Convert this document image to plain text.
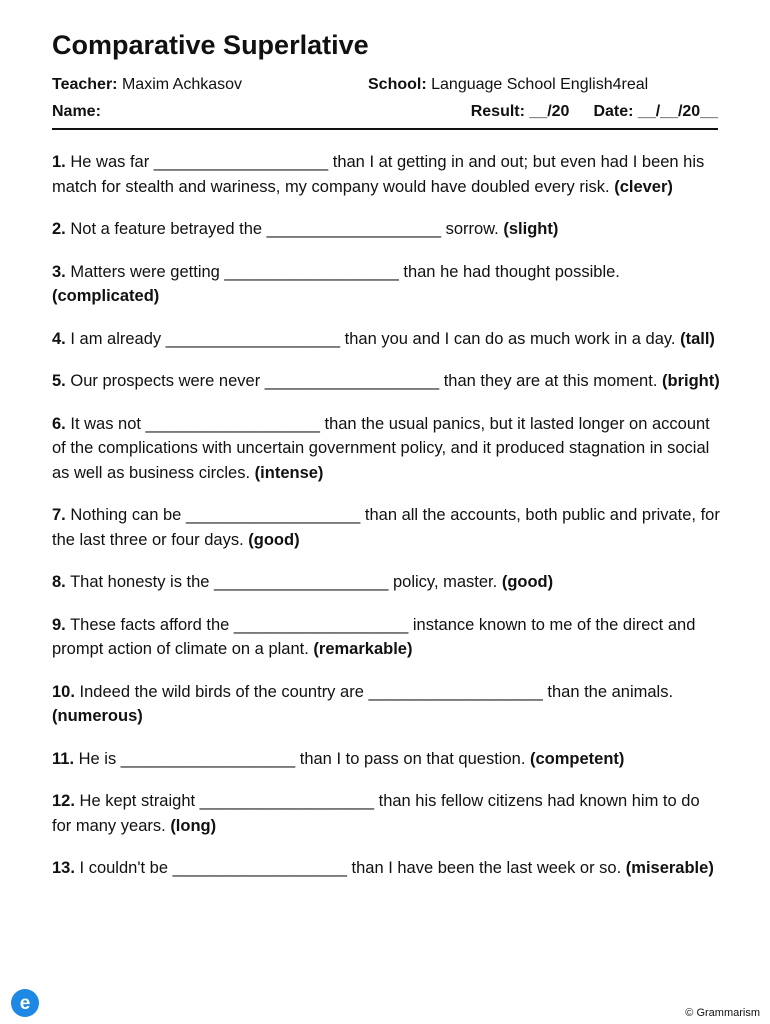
Comparative Superlative
Teacher: Maxim Achkasov	School: Language School English4real
Name:	Result: __/20 Date: __/__/20__
1. He was far ___________________ than I at getting in and out; but even had I been his match for stealth and wariness, my company would have doubled every risk. (clever)
2. Not a feature betrayed the ___________________ sorrow. (slight)
3. Matters were getting ___________________ than he had thought possible. (complicated)
4. I am already ___________________ than you and I can do as much work in a day. (tall)
5. Our prospects were never ___________________ than they are at this moment. (bright)
6. It was not ___________________ than the usual panics, but it lasted longer on account of the complications with uncertain government policy, and it produced stagnation in social as well as business circles. (intense)
7. Nothing can be ___________________ than all the accounts, both public and private, for the last three or four days. (good)
8. That honesty is the ___________________ policy, master. (good)
9. These facts afford the ___________________ instance known to me of the direct and prompt action of climate on a plant. (remarkable)
10. Indeed the wild birds of the country are ___________________ than the animals. (numerous)
11. He is ___________________ than I to pass on that question. (competent)
12. He kept straight ___________________ than his fellow citizens had known him to do for many years. (long)
13. I couldn't be ___________________ than I have been the last week or so. (miserable)
e	© Grammarism
